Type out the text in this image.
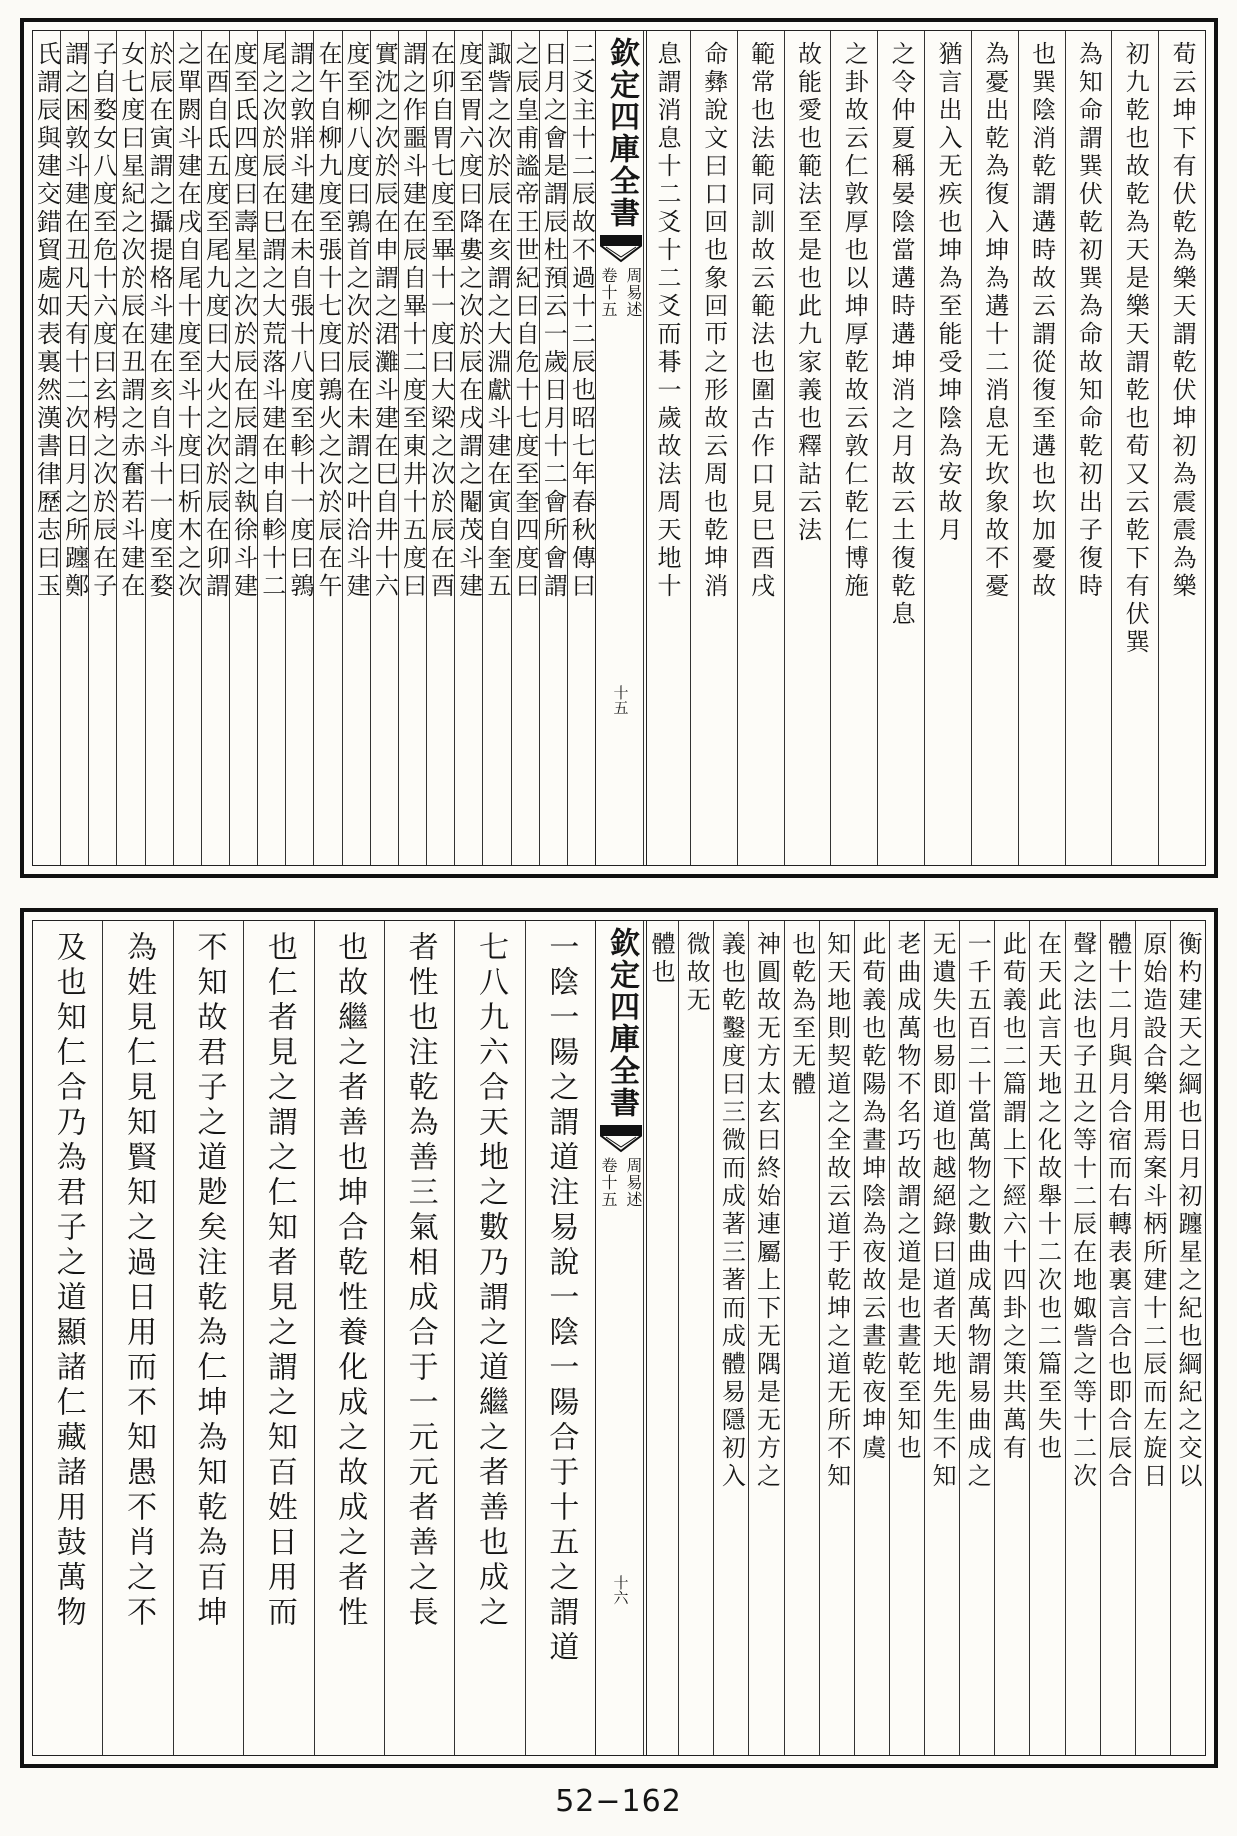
荀云坤下有伏乾為樂天謂乾伏坤初為震震為樂
初九乾也故乾為天是樂天謂乾也荀又云乾下有伏巽
為知命謂巽伏乾初巽為命故知命乾初出子復時
也巽陰消乾謂遘時故云謂從復至遘也坎加憂故
為憂出乾為復入坤為遘十二消息无坎象故不憂
猶言出入无疾也坤為至能受坤陰為安故月
之令仲夏稱晏陰當遘時遘坤消之月故云土復乾息
之卦故云仁敦厚也以坤厚乾故云敦仁乾仁博施
故能愛也範法至是也此九家義也釋詁云法
範常也法範同訓故云範法也圍古作口見巳酉戌
命彝說文曰口回也象回帀之形故云周也乾坤消
息謂消息十二爻十二爻而朞一歲故法周天地十
欽定四庫全書
周易述
卷十五
十五
二爻主十二辰故不過十二辰也昭七年春秋傳曰
日月之會是謂辰杜預云一歲日月十二會所會謂
之辰皇甫謐帝王世紀曰自危十七度至奎四度曰
諏訾之次於辰在亥謂之大淵獻斗建在寅自奎五
度至胃六度曰降婁之次於辰在戌謂之閹茂斗建
在卯自胃七度至畢十一度曰大梁之次於辰在酉
謂之作噩斗建在辰自畢十二度至東井十五度曰
實沈之次於辰在申謂之涒灘斗建在巳自井十六
度至柳八度曰鶉首之次於辰在未謂之叶洽斗建
在午自柳九度至張十七度曰鶉火之次於辰在午
謂之敦牂斗建在未自張十八度至軫十一度曰鶉
尾之次於辰在巳謂之大荒落斗建在申自軫十二
度至氐四度曰壽星之次於辰在辰謂之執徐斗建
在酉自氐五度至尾九度曰大火之次於辰在卯謂
之單閼斗建在戌自尾十度至斗十度曰析木之次
於辰在寅謂之攝提格斗建在亥自斗十一度至婺
女七度曰星紀之次於辰在丑謂之赤奮若斗建在
子自婺女八度至危十六度曰玄枵之次於辰在子
謂之困敦斗建在丑凡天有十二次日月之所躔鄭
氏謂辰與建交錯貿處如表裏然漢書律歷志曰玉
衡杓建天之綱也日月初躔星之紀也綱紀之交以
原始造設合樂用焉案斗柄所建十二辰而左旋日
體十二月與月合宿而右轉表裏言合也即合辰合
聲之法也子丑之等十二辰在地娵訾之等十二次
在天此言天地之化故舉十二次也二篇至失也
此荀義也二篇謂上下經六十四卦之策共萬有
一千五百二十當萬物之數曲成萬物謂易曲成之
无遺失也易即道也越絕錄曰道者天地先生不知
老曲成萬物不名巧故謂之道是也晝乾至知也
此荀義也乾陽為晝坤陰為夜故云晝乾夜坤虞
知天地則契道之全故云道于乾坤之道无所不知
也乾為至无體
神圓故无方太玄曰終始連屬上下无隅是无方之
義也乾鑿度曰三微而成著三著而成體易隱初入
微故无
體也
欽定四庫全書
周易述
卷十五
十六
一陰一陽之謂道注易說一陰一陽合于十五之謂道
七八九六合天地之數乃謂之道繼之者善也成之
者性也注乾為善三氣相成合于一元元者善之長
也故繼之者善也坤合乾性養化成之故成之者性
也仁者見之謂之仁知者見之謂之知百姓日用而
不知故君子之道尟矣注乾為仁坤為知乾為百坤
為姓見仁見知賢知之過日用而不知愚不肖之不
及也知仁合乃為君子之道顯諸仁藏諸用鼓萬物
52−162
